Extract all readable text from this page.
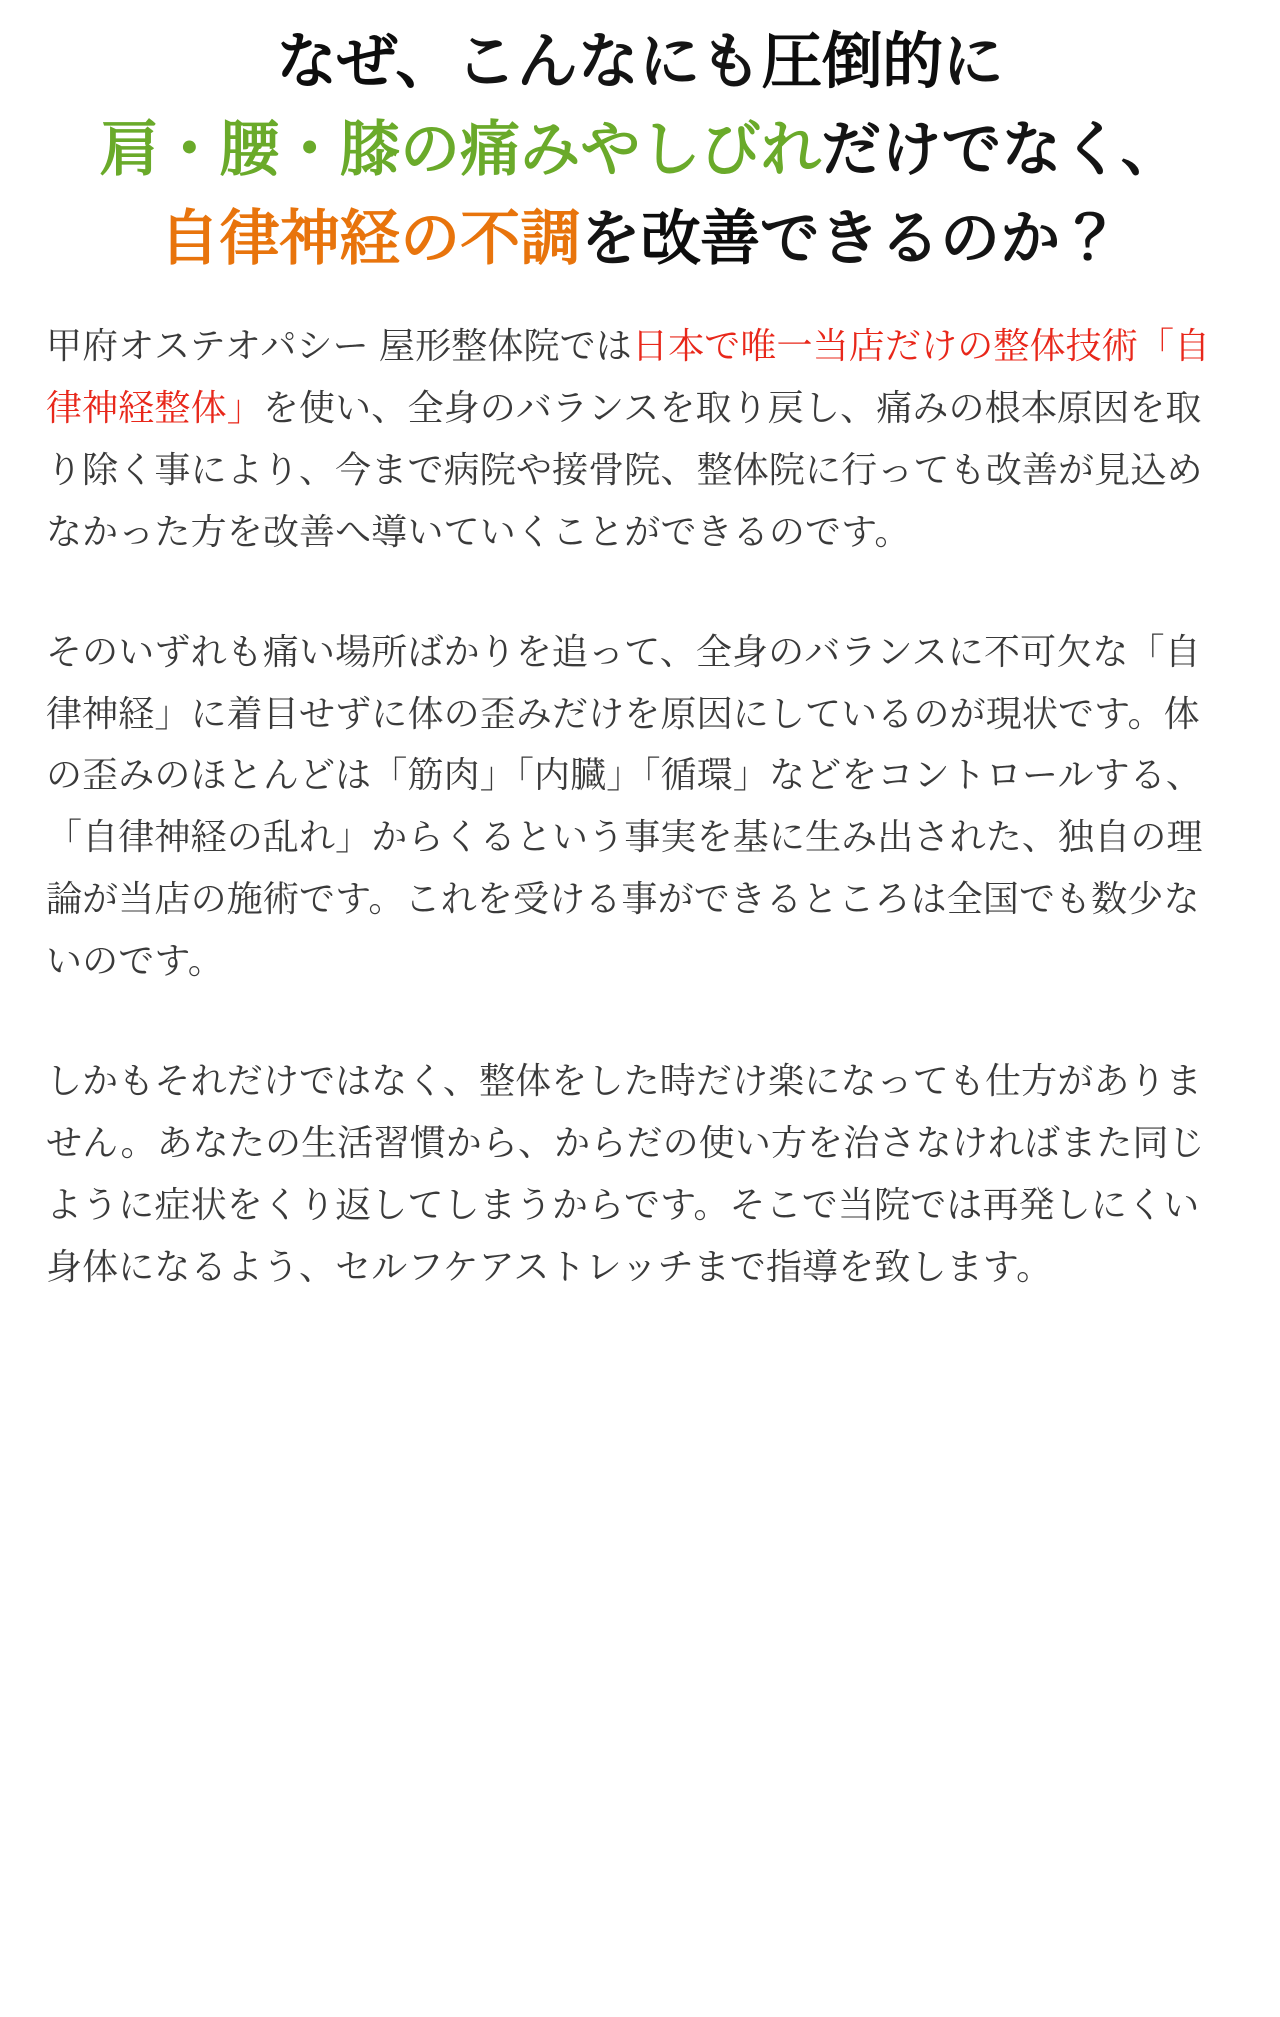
なぜ、こんなにも圧倒的に
肩・腰・膝の痛みやしびれだけでなく、
自律神経の不調を改善できるのか？

甲府オステオパシー 屋形整体院では日本で唯一当店だけの整体技術「自律神経整体」を使い、全身のバランスを取り戻し、痛みの根本原因を取り除く事により、今まで病院や接骨院、整体院に行っても改善が見込めなかった方を改善へ導いていくことができるのです。

そのいずれも痛い場所ばかりを追って、全身のバランスに不可欠な「自律神経」に着目せずに体の歪みだけを原因にしているのが現状です。体の歪みのほとんどは「筋肉」「内臓」「循環」などをコントロールする、「自律神経の乱れ」からくるという事実を基に生み出された、独自の理論が当店の施術です。これを受ける事ができるところは全国でも数少ないのです。

しかもそれだけではなく、整体をした時だけ楽になっても仕方がありません。あなたの生活習慣から、からだの使い方を治さなければまた同じように症状をくり返してしまうからです。そこで当院では再発しにくい身体になるよう、セルフケアストレッチまで指導を致します。
